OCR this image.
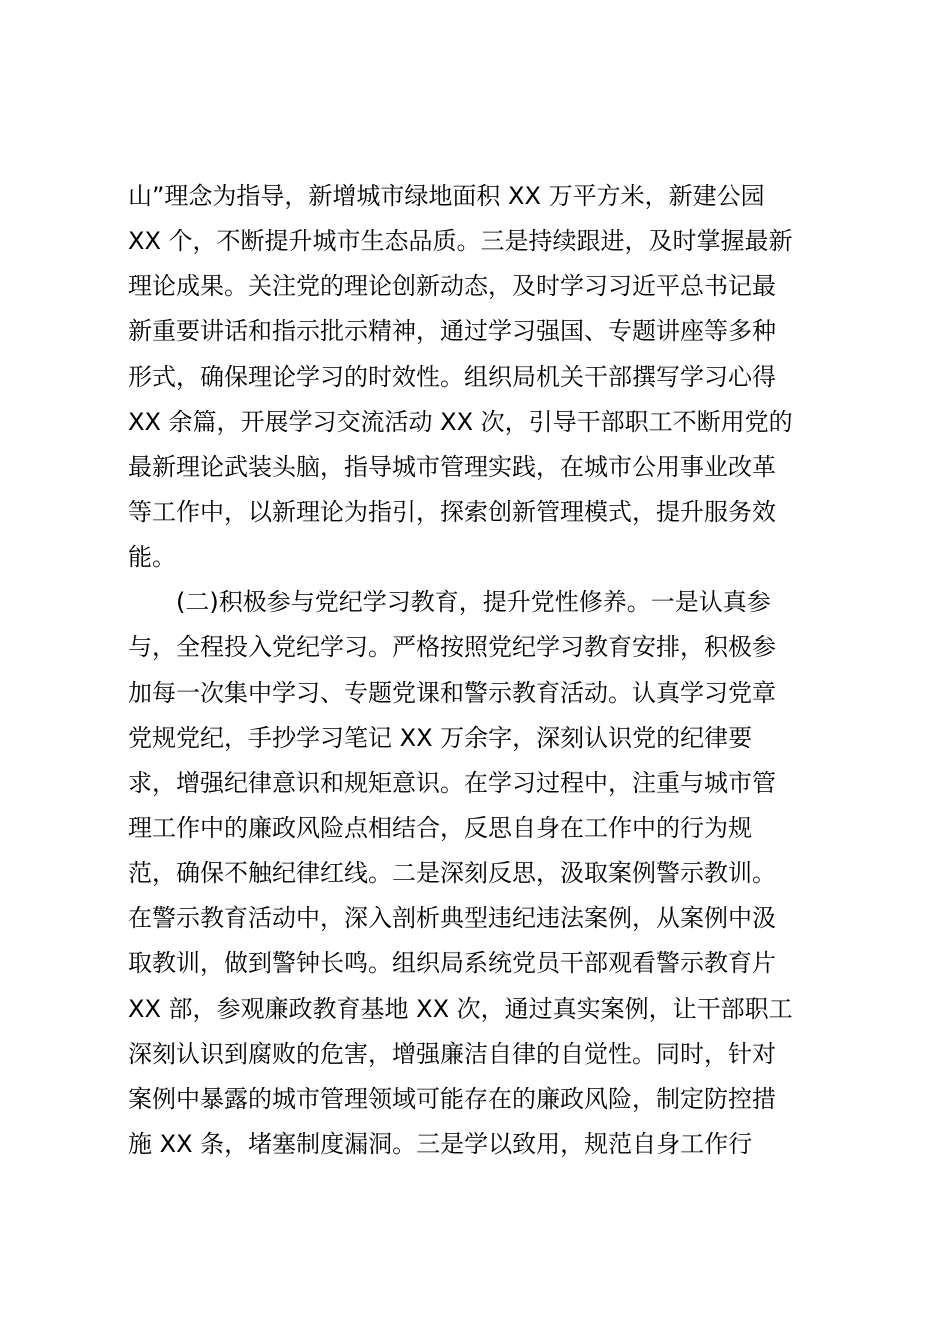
山”理念为指导，新增城市绿地面积 XX 万平方米，新建公园
XX 个，不断提升城市生态品质。三是持续跟进，及时掌握最新
理论成果。关注党的理论创新动态，及时学习习近平总书记最
新重要讲话和指示批示精神，通过学习强国、专题讲座等多种
形式，确保理论学习的时效性。组织局机关干部撰写学习心得
XX 余篇，开展学习交流活动 XX 次，引导干部职工不断用党的
最新理论武装头脑，指导城市管理实践，在城市公用事业改革
等工作中，以新理论为指引，探索创新管理模式，提升服务效
能。
(二)积极参与党纪学习教育，提升党性修养。一是认真参
与，全程投入党纪学习。严格按照党纪学习教育安排，积极参
加每一次集中学习、专题党课和警示教育活动。认真学习党章
党规党纪，手抄学习笔记 XX 万余字，深刻认识党的纪律要
求，增强纪律意识和规矩意识。在学习过程中，注重与城市管
理工作中的廉政风险点相结合，反思自身在工作中的行为规
范，确保不触纪律红线。二是深刻反思，汲取案例警示教训。
在警示教育活动中，深入剖析典型违纪违法案例，从案例中汲
取教训，做到警钟长鸣。组织局系统党员干部观看警示教育片
XX 部，参观廉政教育基地 XX 次，通过真实案例，让干部职工
深刻认识到腐败的危害，增强廉洁自律的自觉性。同时，针对
案例中暴露的城市管理领域可能存在的廉政风险，制定防控措
施 XX 条，堵塞制度漏洞。三是学以致用，规范自身工作行
